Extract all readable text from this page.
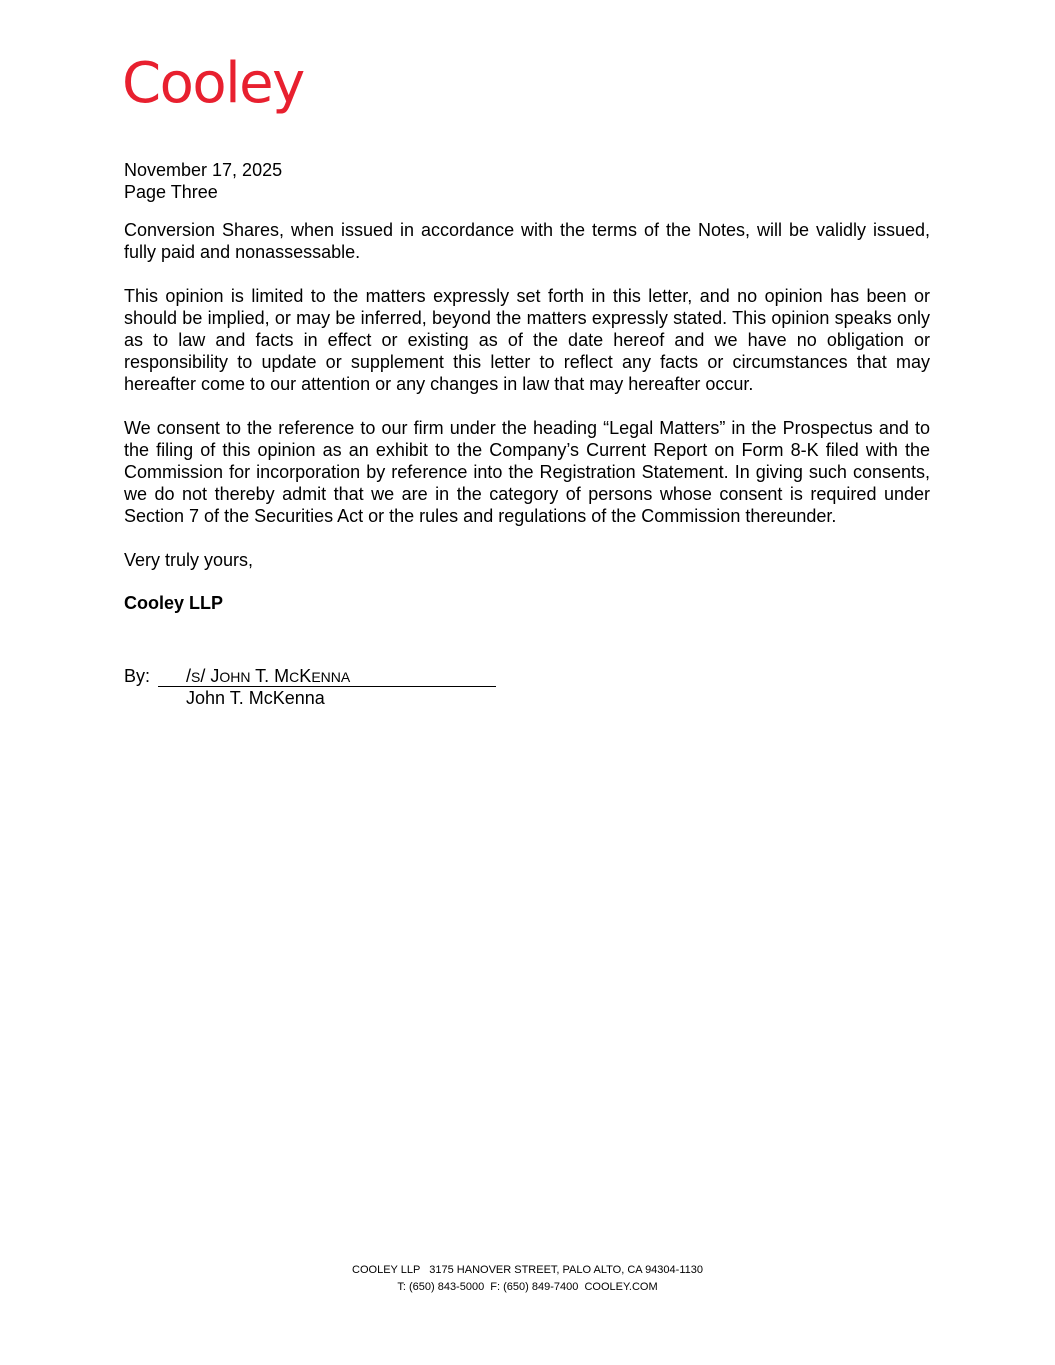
Cooley
November 17, 2025
Page Three

Conversion Shares, when issued in accordance with the terms of the Notes, will be validly issued, fully paid and nonassessable.

This opinion is limited to the matters expressly set forth in this letter, and no opinion has been or should be implied, or may be inferred, beyond the matters expressly stated. This opinion speaks only as to law and facts in effect or existing as of the date hereof and we have no obligation or responsibility to update or supplement this letter to reflect any facts or circumstances that may hereafter come to our attention or any changes in law that may hereafter occur.

We consent to the reference to our firm under the heading “Legal Matters” in the Prospectus and to the filing of this opinion as an exhibit to the Company’s Current Report on Form 8-K filed with the Commission for incorporation by reference into the Registration Statement. In giving such consents, we do not thereby admit that we are in the category of persons whose consent is required under Section 7 of the Securities Act or the rules and regulations of the Commission thereunder.

Very truly yours,
Cooley LLP
By: /S/ JOHN T. MCKENNA
John T. McKenna
COOLEY LLP   3175 HANOVER STREET, PALO ALTO, CA 94304-1130
T: (650) 843-5000  F: (650) 849-7400  COOLEY.COM
